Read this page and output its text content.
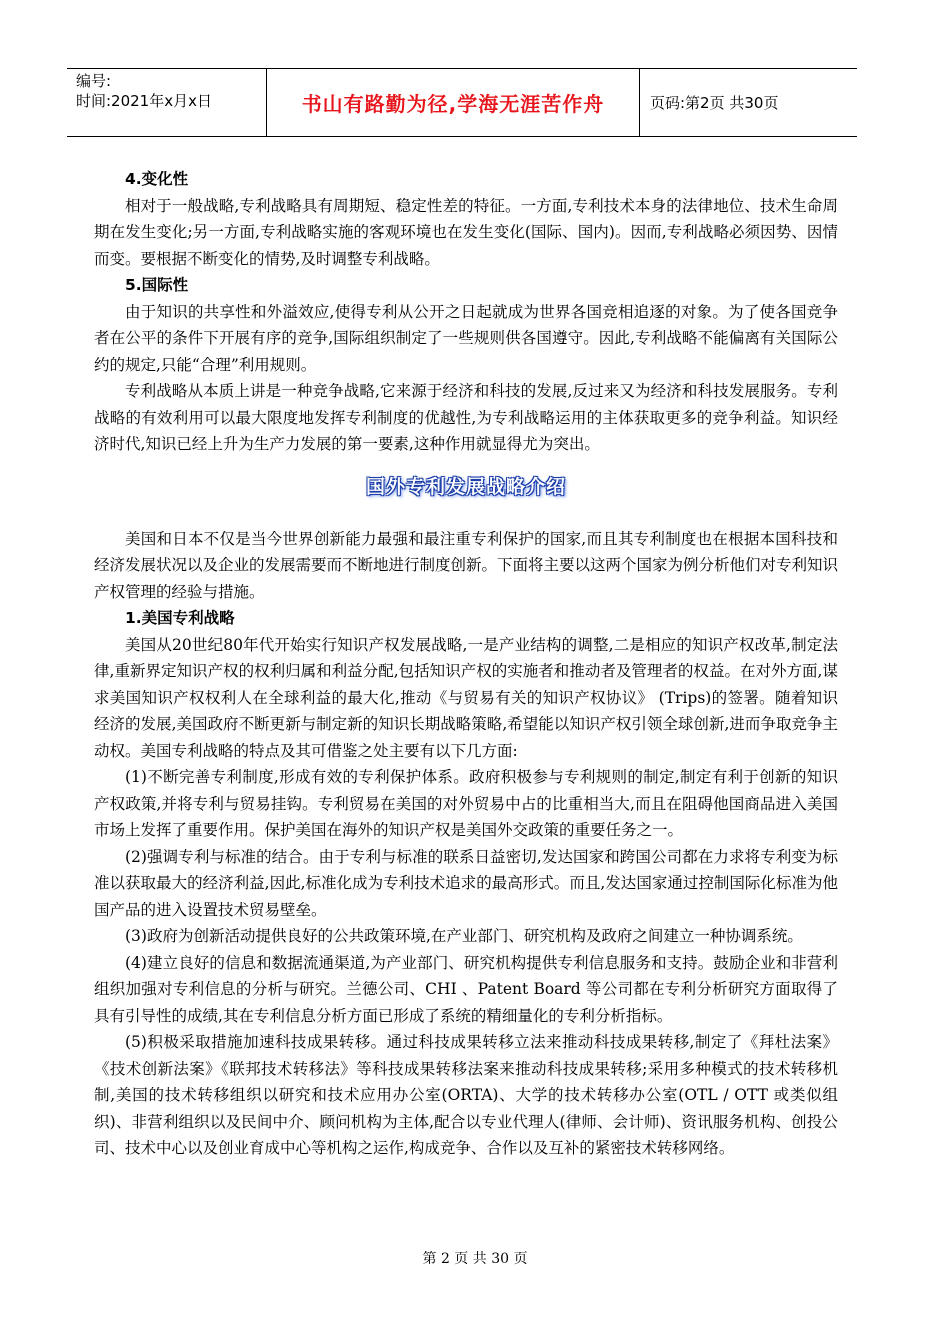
编号:
时间:2021年x月x日	书山有路勤为径,学海无涯苦作舟	页码:第2页 共30页
4.变化性

相对于一般战略,专利战略具有周期短、稳定性差的特征。一方面,专利技术本身的法律地位、技术生命周期在发生变化;另一方面,专利战略实施的客观环境也在发生变化(国际、国内)。因而,专利战略必须因势、因情而变。要根据不断变化的情势,及时调整专利战略。

5.国际性

由于知识的共享性和外溢效应,使得专利从公开之日起就成为世界各国竞相追逐的对象。为了使各国竞争者在公平的条件下开展有序的竞争,国际组织制定了一些规则供各国遵守。因此,专利战略不能偏离有关国际公约的规定,只能“合理”利用规则。

专利战略从本质上讲是一种竞争战略,它来源于经济和科技的发展,反过来又为经济和科技发展服务。专利战略的有效利用可以最大限度地发挥专利制度的优越性,为专利战略运用的主体获取更多的竞争利益。知识经济时代,知识已经上升为生产力发展的第一要素,这种作用就显得尤为突出。

国外专利发展战略介绍

美国和日本不仅是当今世界创新能力最强和最注重专利保护的国家,而且其专利制度也在根据本国科技和经济发展状况以及企业的发展需要而不断地进行制度创新。下面将主要以这两个国家为例分析他们对专利知识产权管理的经验与措施。

1.美国专利战略

美国从20世纪80年代开始实行知识产权发展战略,一是产业结构的调整,二是相应的知识产权改革,制定法律,重新界定知识产权的权利归属和利益分配,包括知识产权的实施者和推动者及管理者的权益。在对外方面,谋求美国知识产权权利人在全球利益的最大化,推动《与贸易有关的知识产权协议》 (Trips)的签署。随着知识经济的发展,美国政府不断更新与制定新的知识长期战略策略,希望能以知识产权引领全球创新,进而争取竞争主动权。美国专利战略的特点及其可借鉴之处主要有以下几方面:

(1)不断完善专利制度,形成有效的专利保护体系。政府积极参与专利规则的制定,制定有利于创新的知识产权政策,并将专利与贸易挂钩。专利贸易在美国的对外贸易中占的比重相当大,而且在阻碍他国商品进入美国市场上发挥了重要作用。保护美国在海外的知识产权是美国外交政策的重要任务之一。

(2)强调专利与标准的结合。由于专利与标准的联系日益密切,发达国家和跨国公司都在力求将专利变为标准以获取最大的经济利益,因此,标准化成为专利技术追求的最高形式。而且,发达国家通过控制国际化标准为他国产品的进入设置技术贸易壁垒。

(3)政府为创新活动提供良好的公共政策环境,在产业部门、研究机构及政府之间建立一种协调系统。

(4)建立良好的信息和数据流通渠道,为产业部门、研究机构提供专利信息服务和支持。鼓励企业和非营利组织加强对专利信息的分析与研究。兰德公司、CHI 、Patent Board 等公司都在专利分析研究方面取得了具有引导性的成绩,其在专利信息分析方面已形成了系统的精细量化的专利分析指标。

(5)积极采取措施加速科技成果转移。通过科技成果转移立法来推动科技成果转移,制定了《拜杜法案》《技术创新法案》《联邦技术转移法》等科技成果转移法案来推动科技成果转移;采用多种模式的技术转移机制,美国的技术转移组织以研究和技术应用办公室(ORTA)、大学的技术转移办公室(OTL / OTT 或类似组织)、非营利组织以及民间中介、顾问机构为主体,配合以专业代理人(律师、会计师)、资讯服务机构、创投公司、技术中心以及创业育成中心等机构之运作,构成竞争、合作以及互补的紧密技术转移网络。

第 2 页 共 30 页
